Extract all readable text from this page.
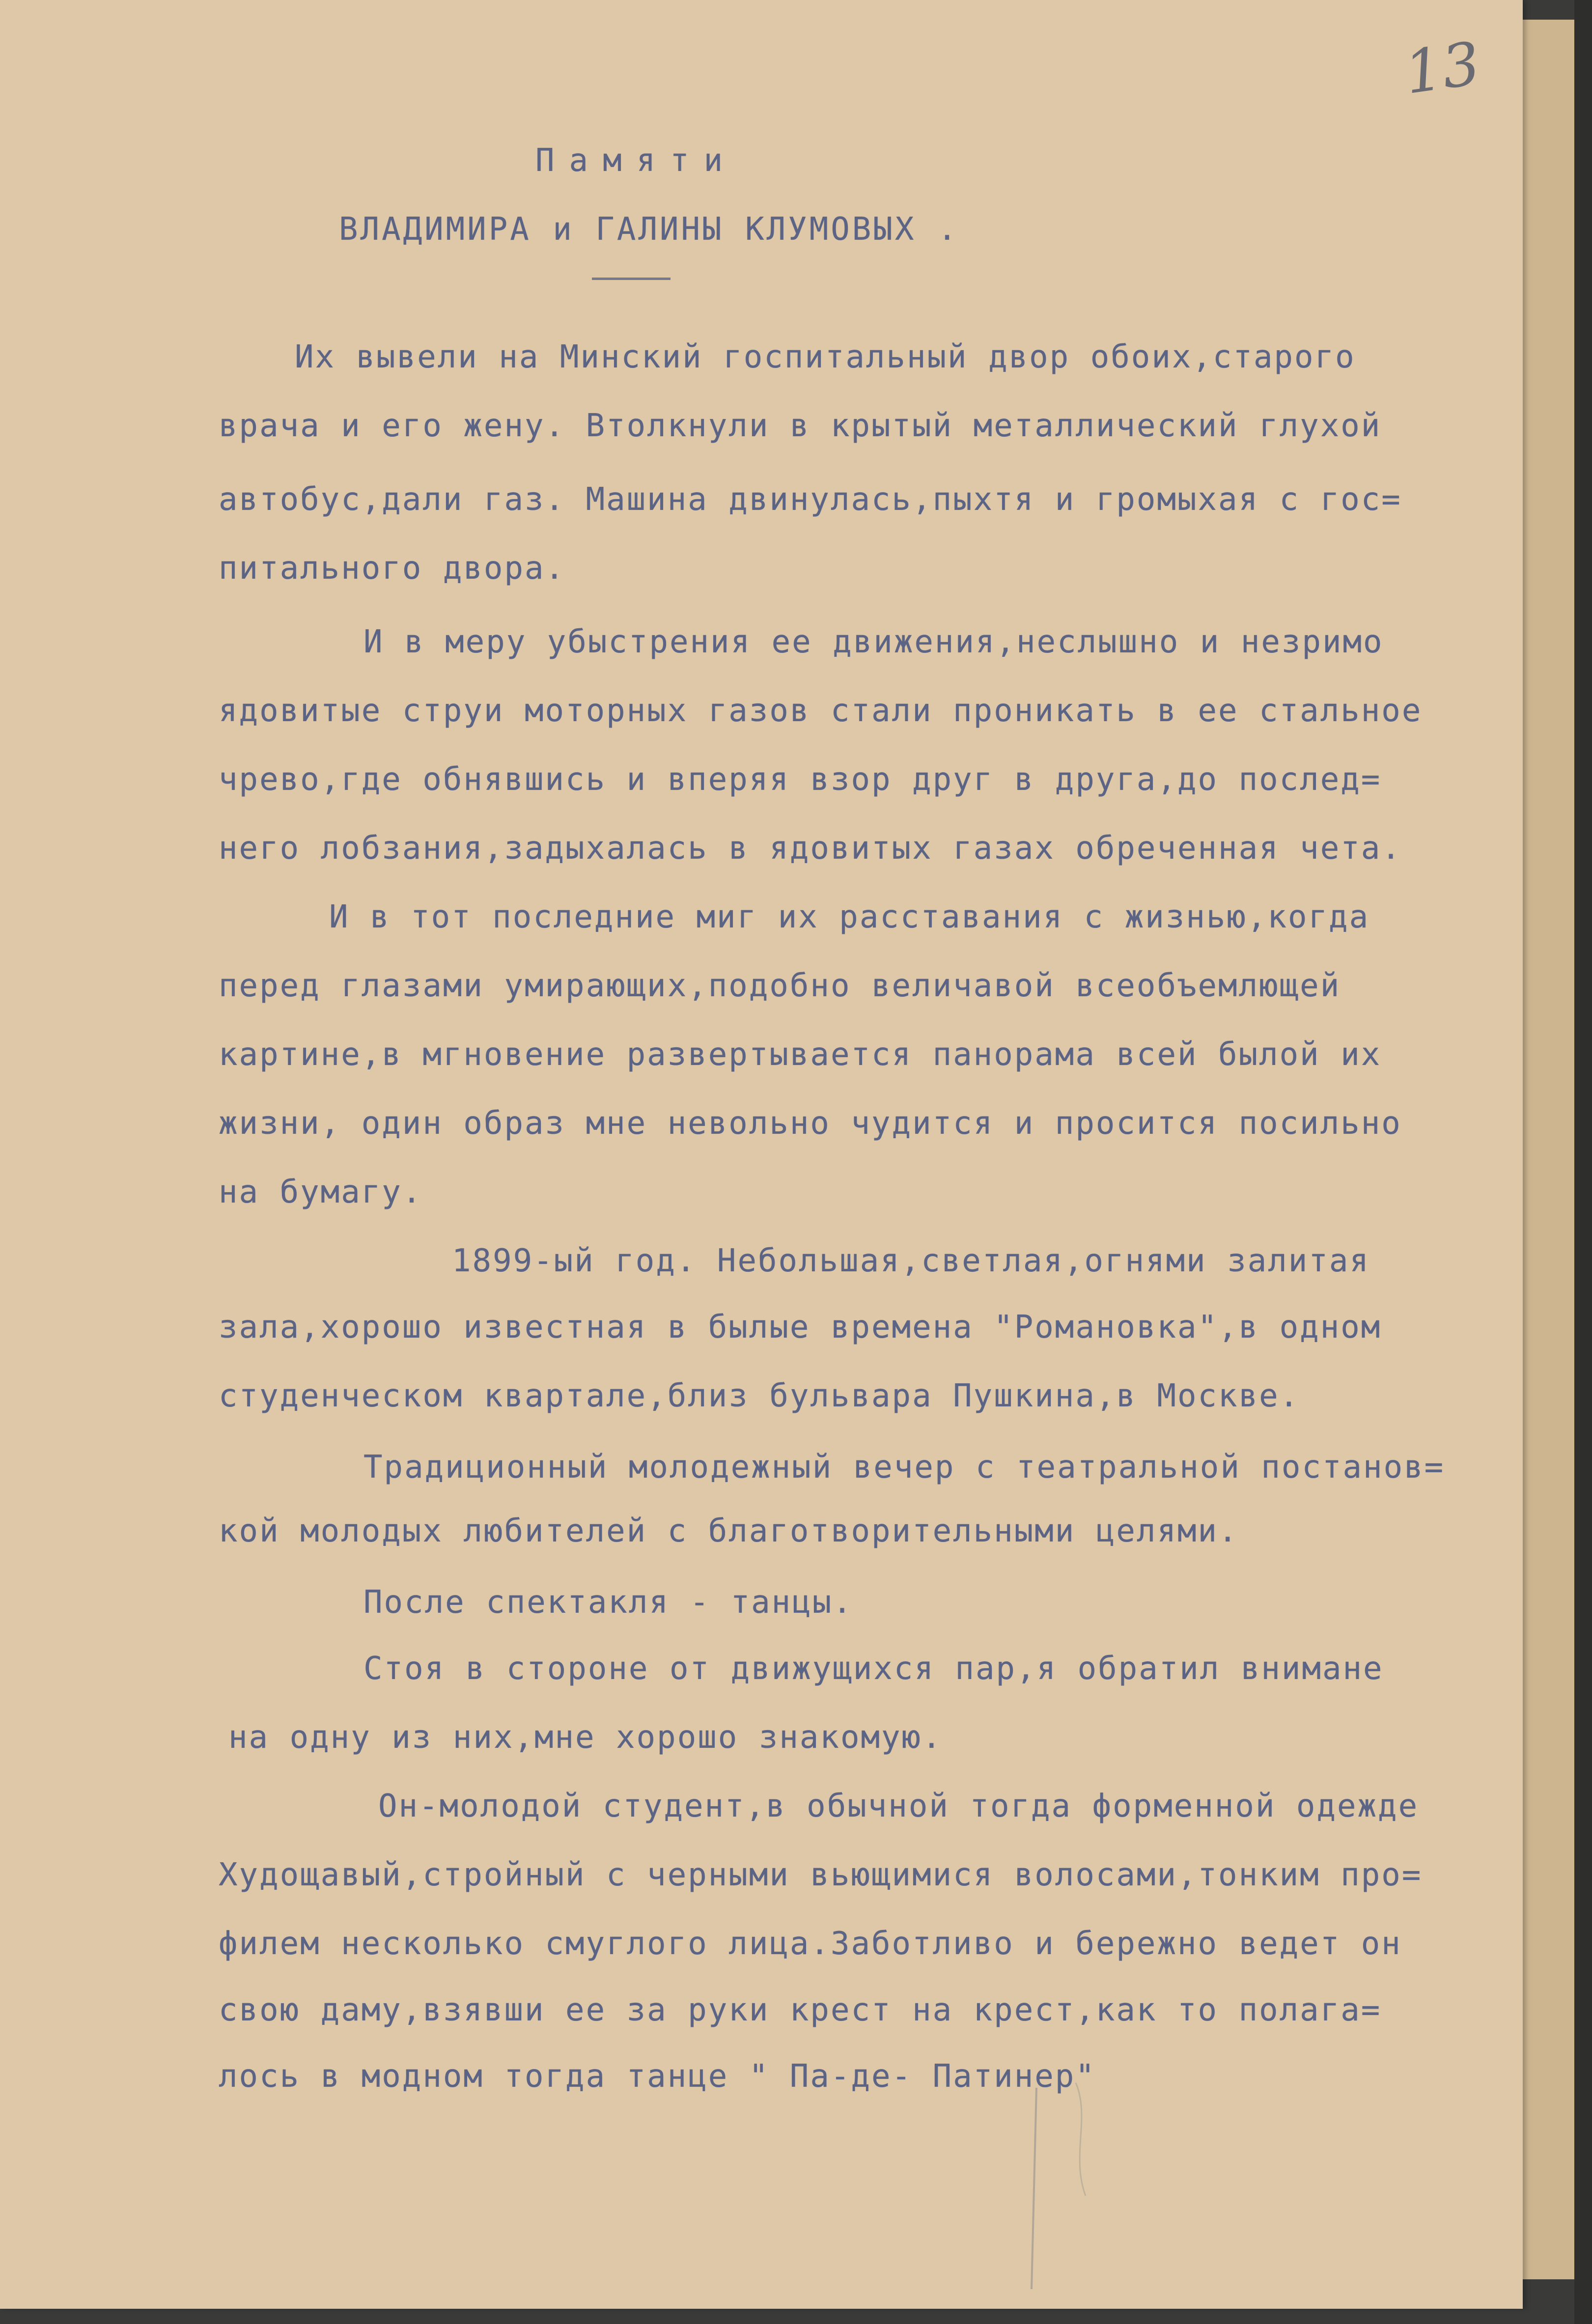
13
Памяти
ВЛАДИМИРА и ГАЛИНЫ КЛУМОВЫХ .
Их вывели на Минский госпитальный двор обоих,старого
врача и его жену. Втолкнули в крытый металлический глухой
автобус,дали газ. Машина двинулась,пыхтя и громыхая с гос=
питального двора.
И в меру убыстрения ее движения,неслышно и незримо
ядовитые струи моторных газов стали проникать в ее стальное
чрево,где обнявшись и вперяя взор друг в друга,до послед=
него лобзания,задыхалась в ядовитых газах обреченная чета.
И в тот последние миг их расставания с жизнью,когда
перед глазами умирающих,подобно величавой всеобъемлющей
картине,в мгновение развертывается панорама всей былой их
жизни, один образ мне невольно чудится и просится посильно
на бумагу.
1899-ый год. Небольшая,светлая,огнями залитая
зала,хорошо известная в былые времена "Романовка",в одном
студенческом квартале,близ бульвара Пушкина,в Москве.
Традиционный молодежный вечер с театральной постанов=
кой молодых любителей с благотворительными целями.
После спектакля - танцы.
Стоя в стороне от движущихся пар,я обратил вниманe
на одну из них,мне хорошо знакомую.
Он-молодой студент,в обычной тогда форменной одежде
Худощавый,стройный с черными вьющимися волосами,тонким про=
филем несколько смуглого лица.Заботливо и бережно ведет он
свою даму,взявши ее за руки крест на крест,как то полага=
лось в модном тогда танце " Па-де- Патинер"
